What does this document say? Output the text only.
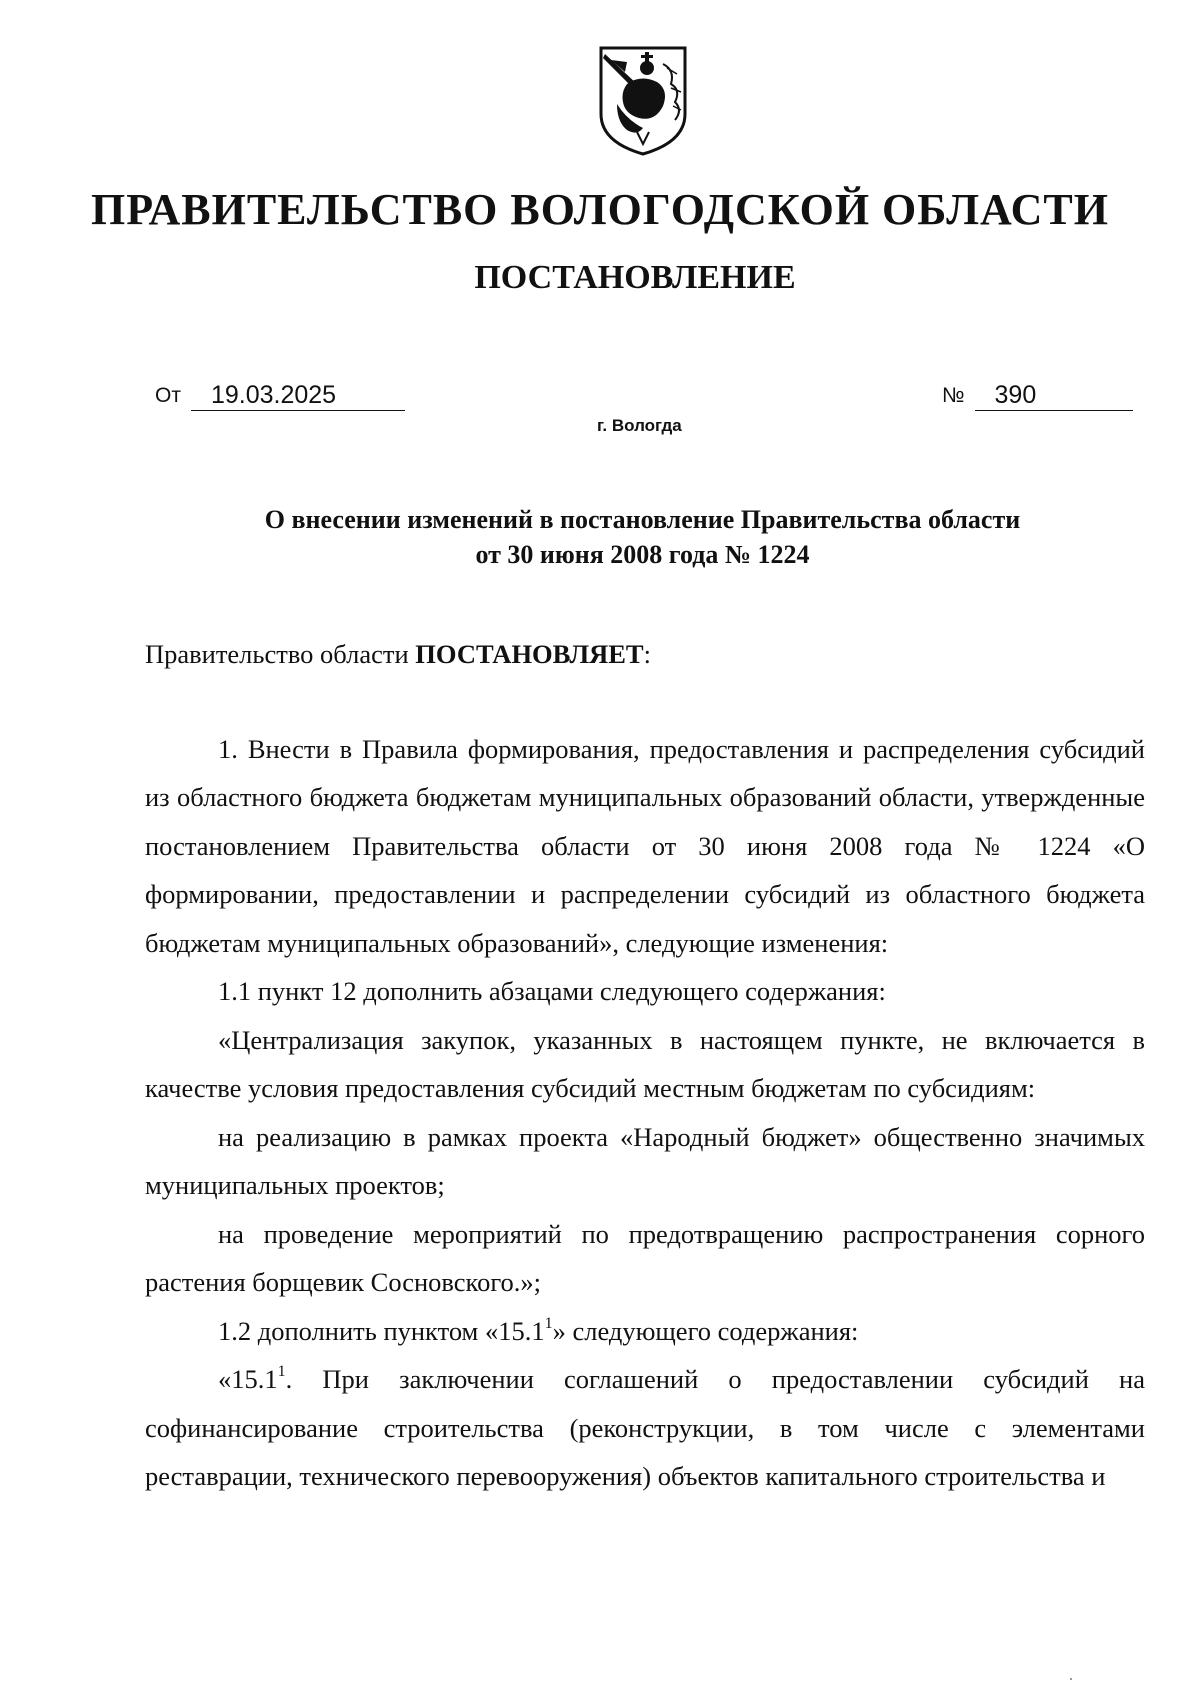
ПРАВИТЕЛЬСТВО ВОЛОГОДСКОЙ ОБЛАСТИ
ПОСТАНОВЛЕНИЕ
От	19.03.2025	№	390
г. Вологда
О внесении изменений в постановление Правительства области
от 30 июня 2008 года № 1224

Правительство области ПОСТАНОВЛЯЕТ:

1. Внести в Правила формирования, предоставления и распределения субсидий из областного бюджета бюджетам муниципальных образований области, утвержденные постановлением Правительства области от 30 июня 2008 года № 1224 «О формировании, предоставлении и распределении субсидий из областного бюджета бюджетам муниципальных образований», следующие изменения:

1.1 пункт 12 дополнить абзацами следующего содержания:

«Централизация закупок, указанных в настоящем пункте, не включается в качестве условия предоставления субсидий местным бюджетам по субсидиям:

на реализацию в рамках проекта «Народный бюджет» общественно значимых муниципальных проектов;

на проведение мероприятий по предотвращению распространения сорного растения борщевик Сосновского.»;

1.2 дополнить пунктом «15.1$^1$» следующего содержания:

«15.1$^1$. При заключении соглашений о предоставлении субсидий на софинансирование строительства (реконструкции, в том числе с элементами реставрации, технического перевооружения) объектов капитального строительства и
